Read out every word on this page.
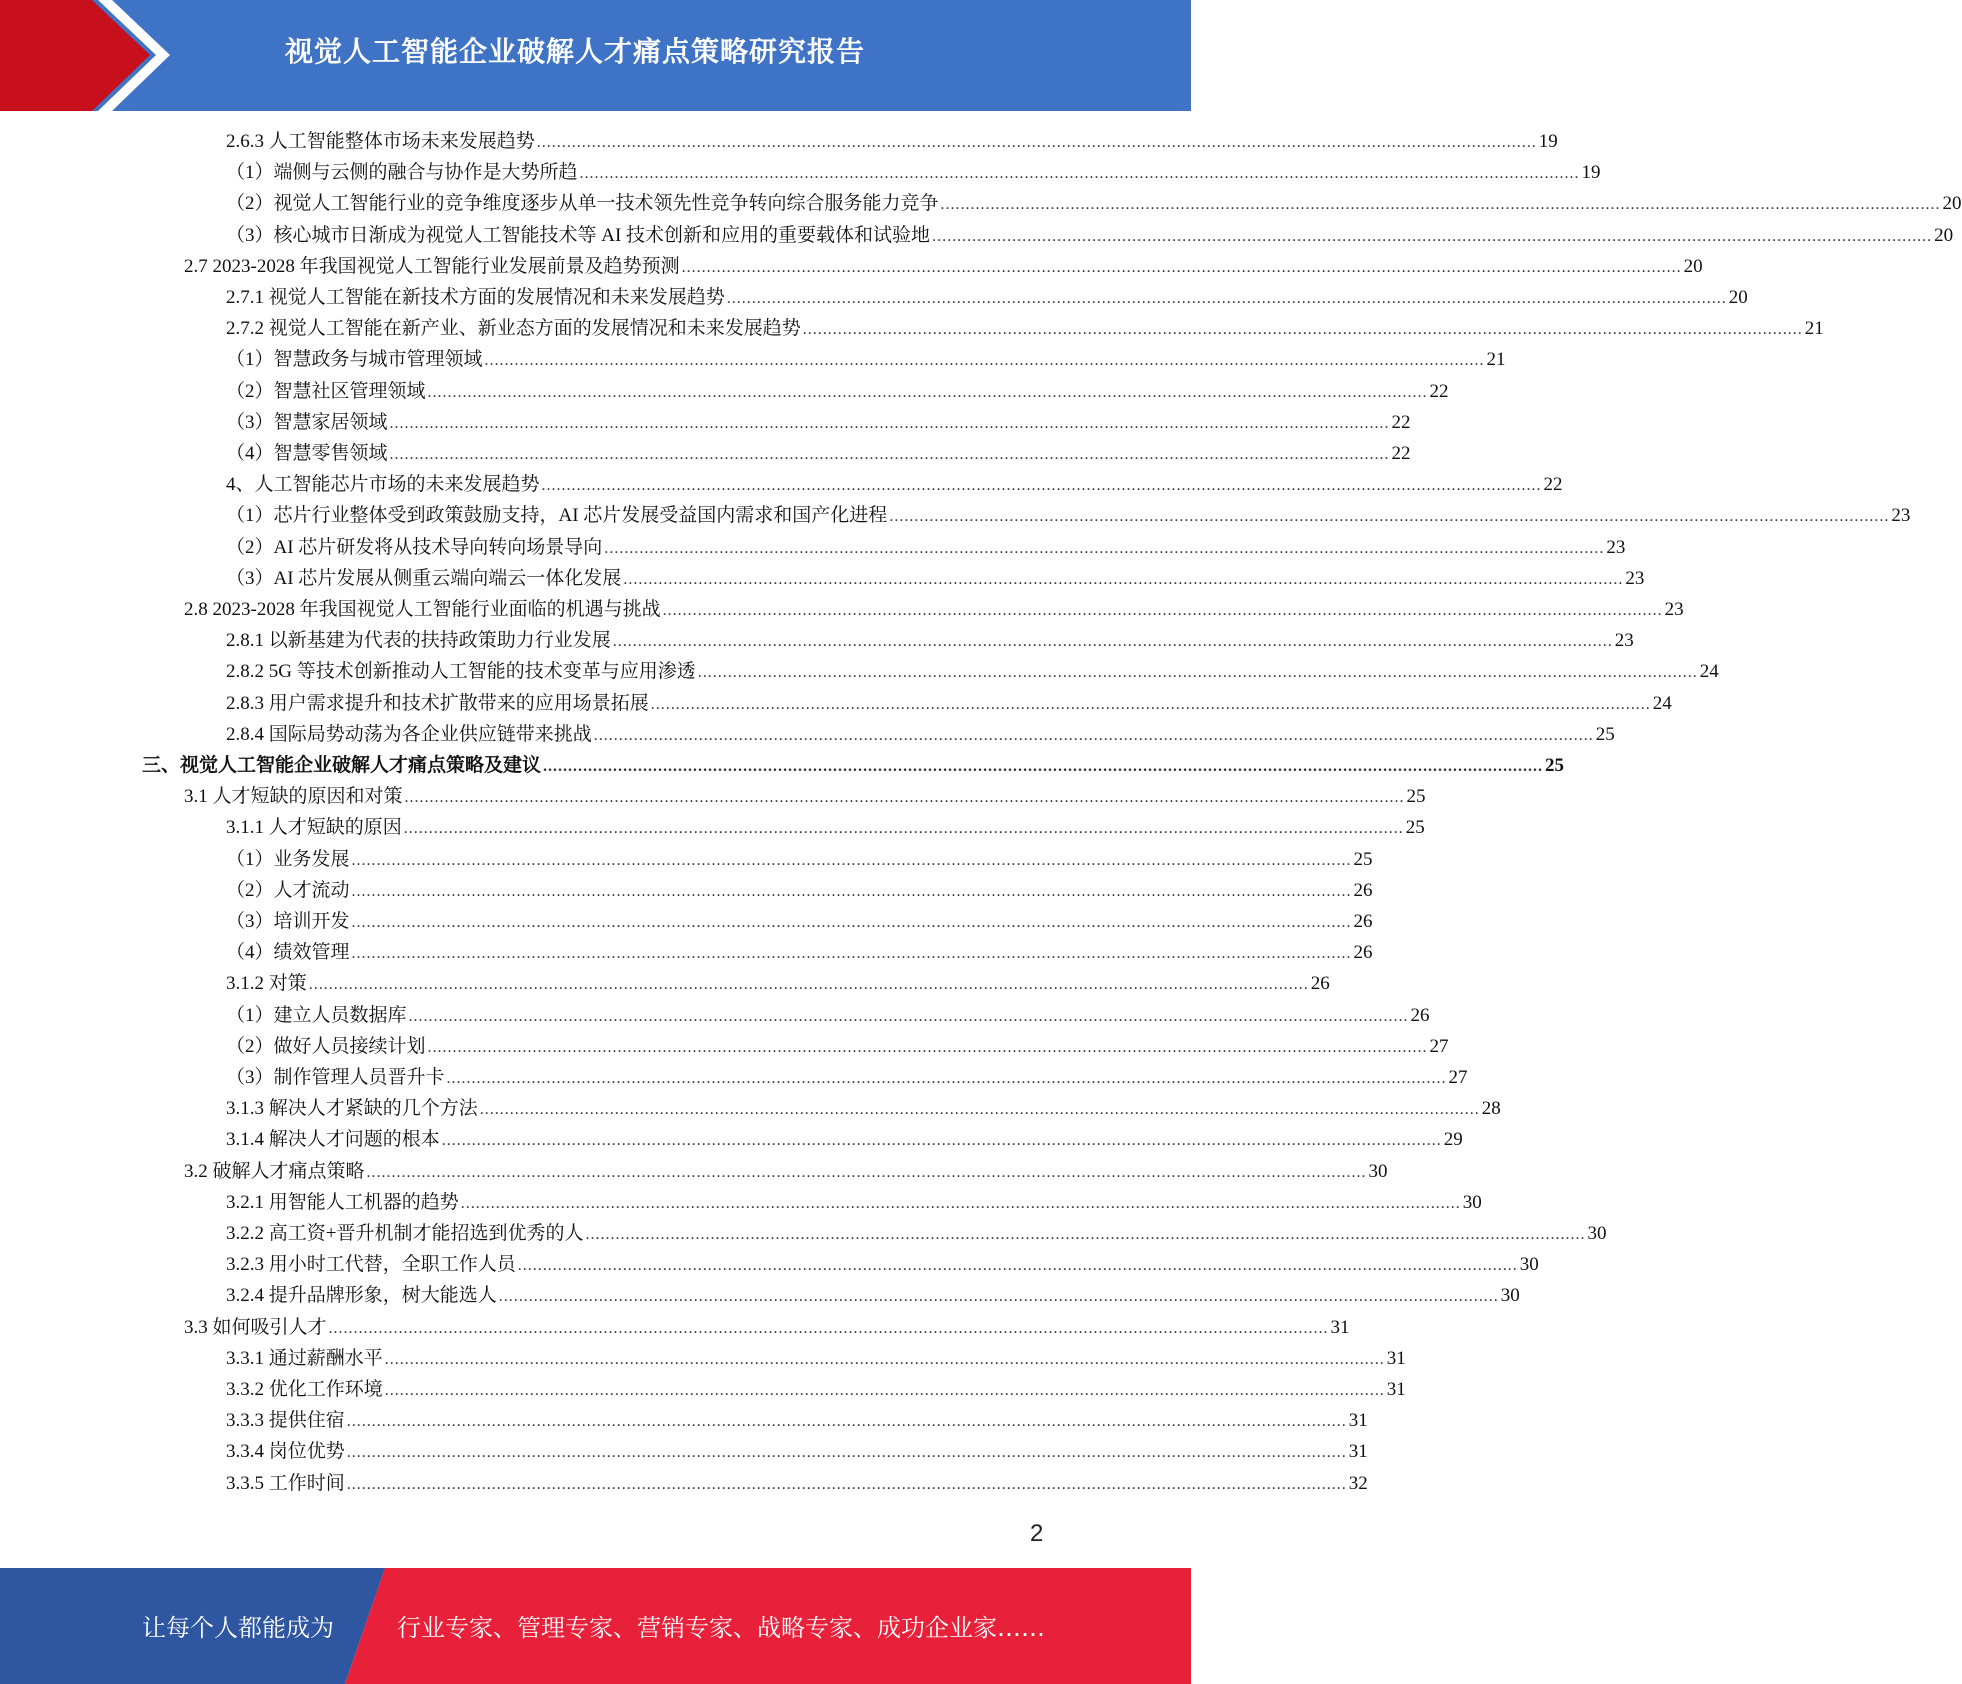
视觉人工智能企业破解人才痛点策略研究报告
2.6.3 人工智能整体市场未来发展趋势 ........................................................................................................................................................................................................ 19
（1）端侧与云侧的融合与协作是大势所趋 ........................................................................................................................................................................................................ 19
（2）视觉人工智能行业的竞争维度逐步从单一技术领先性竞争转向综合服务能力竞争 ........................................................................................................................................................................................................ 20
（3）核心城市日渐成为视觉人工智能技术等 AI 技术创新和应用的重要载体和试验地 ........................................................................................................................................................................................................ 20
2.7 2023-2028 年我国视觉人工智能行业发展前景及趋势预测 ........................................................................................................................................................................................................ 20
2.7.1 视觉人工智能在新技术方面的发展情况和未来发展趋势 ........................................................................................................................................................................................................ 20
2.7.2 视觉人工智能在新产业、新业态方面的发展情况和未来发展趋势 ........................................................................................................................................................................................................ 21
（1）智慧政务与城市管理领域 ........................................................................................................................................................................................................ 21
（2）智慧社区管理领域 ........................................................................................................................................................................................................ 22
（3）智慧家居领域 ........................................................................................................................................................................................................ 22
（4）智慧零售领域 ........................................................................................................................................................................................................ 22
4、人工智能芯片市场的未来发展趋势 ........................................................................................................................................................................................................ 22
（1）芯片行业整体受到政策鼓励支持，AI 芯片发展受益国内需求和国产化进程 ........................................................................................................................................................................................................ 23
（2）AI 芯片研发将从技术导向转向场景导向 ........................................................................................................................................................................................................ 23
（3）AI 芯片发展从侧重云端向端云一体化发展 ........................................................................................................................................................................................................ 23
2.8 2023-2028 年我国视觉人工智能行业面临的机遇与挑战 ........................................................................................................................................................................................................ 23
2.8.1 以新基建为代表的扶持政策助力行业发展 ........................................................................................................................................................................................................ 23
2.8.2 5G 等技术创新推动人工智能的技术变革与应用渗透 ........................................................................................................................................................................................................ 24
2.8.3 用户需求提升和技术扩散带来的应用场景拓展 ........................................................................................................................................................................................................ 24
2.8.4 国际局势动荡为各企业供应链带来挑战 ........................................................................................................................................................................................................ 25
三、视觉人工智能企业破解人才痛点策略及建议 ........................................................................................................................................................................................................ 25
3.1 人才短缺的原因和对策 ........................................................................................................................................................................................................ 25
3.1.1 人才短缺的原因 ........................................................................................................................................................................................................ 25
（1）业务发展 ........................................................................................................................................................................................................ 25
（2）人才流动 ........................................................................................................................................................................................................ 26
（3）培训开发 ........................................................................................................................................................................................................ 26
（4）绩效管理 ........................................................................................................................................................................................................ 26
3.1.2 对策 ........................................................................................................................................................................................................ 26
（1）建立人员数据库 ........................................................................................................................................................................................................ 26
（2）做好人员接续计划 ........................................................................................................................................................................................................ 27
（3）制作管理人员晋升卡 ........................................................................................................................................................................................................ 27
3.1.3 解决人才紧缺的几个方法 ........................................................................................................................................................................................................ 28
3.1.4 解决人才问题的根本 ........................................................................................................................................................................................................ 29
3.2 破解人才痛点策略 ........................................................................................................................................................................................................ 30
3.2.1 用智能人工机器的趋势 ........................................................................................................................................................................................................ 30
3.2.2 高工资+晋升机制才能招选到优秀的人 ........................................................................................................................................................................................................ 30
3.2.3 用小时工代替，全职工作人员 ........................................................................................................................................................................................................ 30
3.2.4 提升品牌形象，树大能选人 ........................................................................................................................................................................................................ 30
3.3 如何吸引人才 ........................................................................................................................................................................................................ 31
3.3.1 通过薪酬水平 ........................................................................................................................................................................................................ 31
3.3.2 优化工作环境 ........................................................................................................................................................................................................ 31
3.3.3 提供住宿 ........................................................................................................................................................................................................ 31
3.3.4 岗位优势 ........................................................................................................................................................................................................ 31
3.3.5 工作时间 ........................................................................................................................................................................................................ 32
2
让每个人都能成为	行业专家、管理专家、营销专家、战略专家、成功企业家……
